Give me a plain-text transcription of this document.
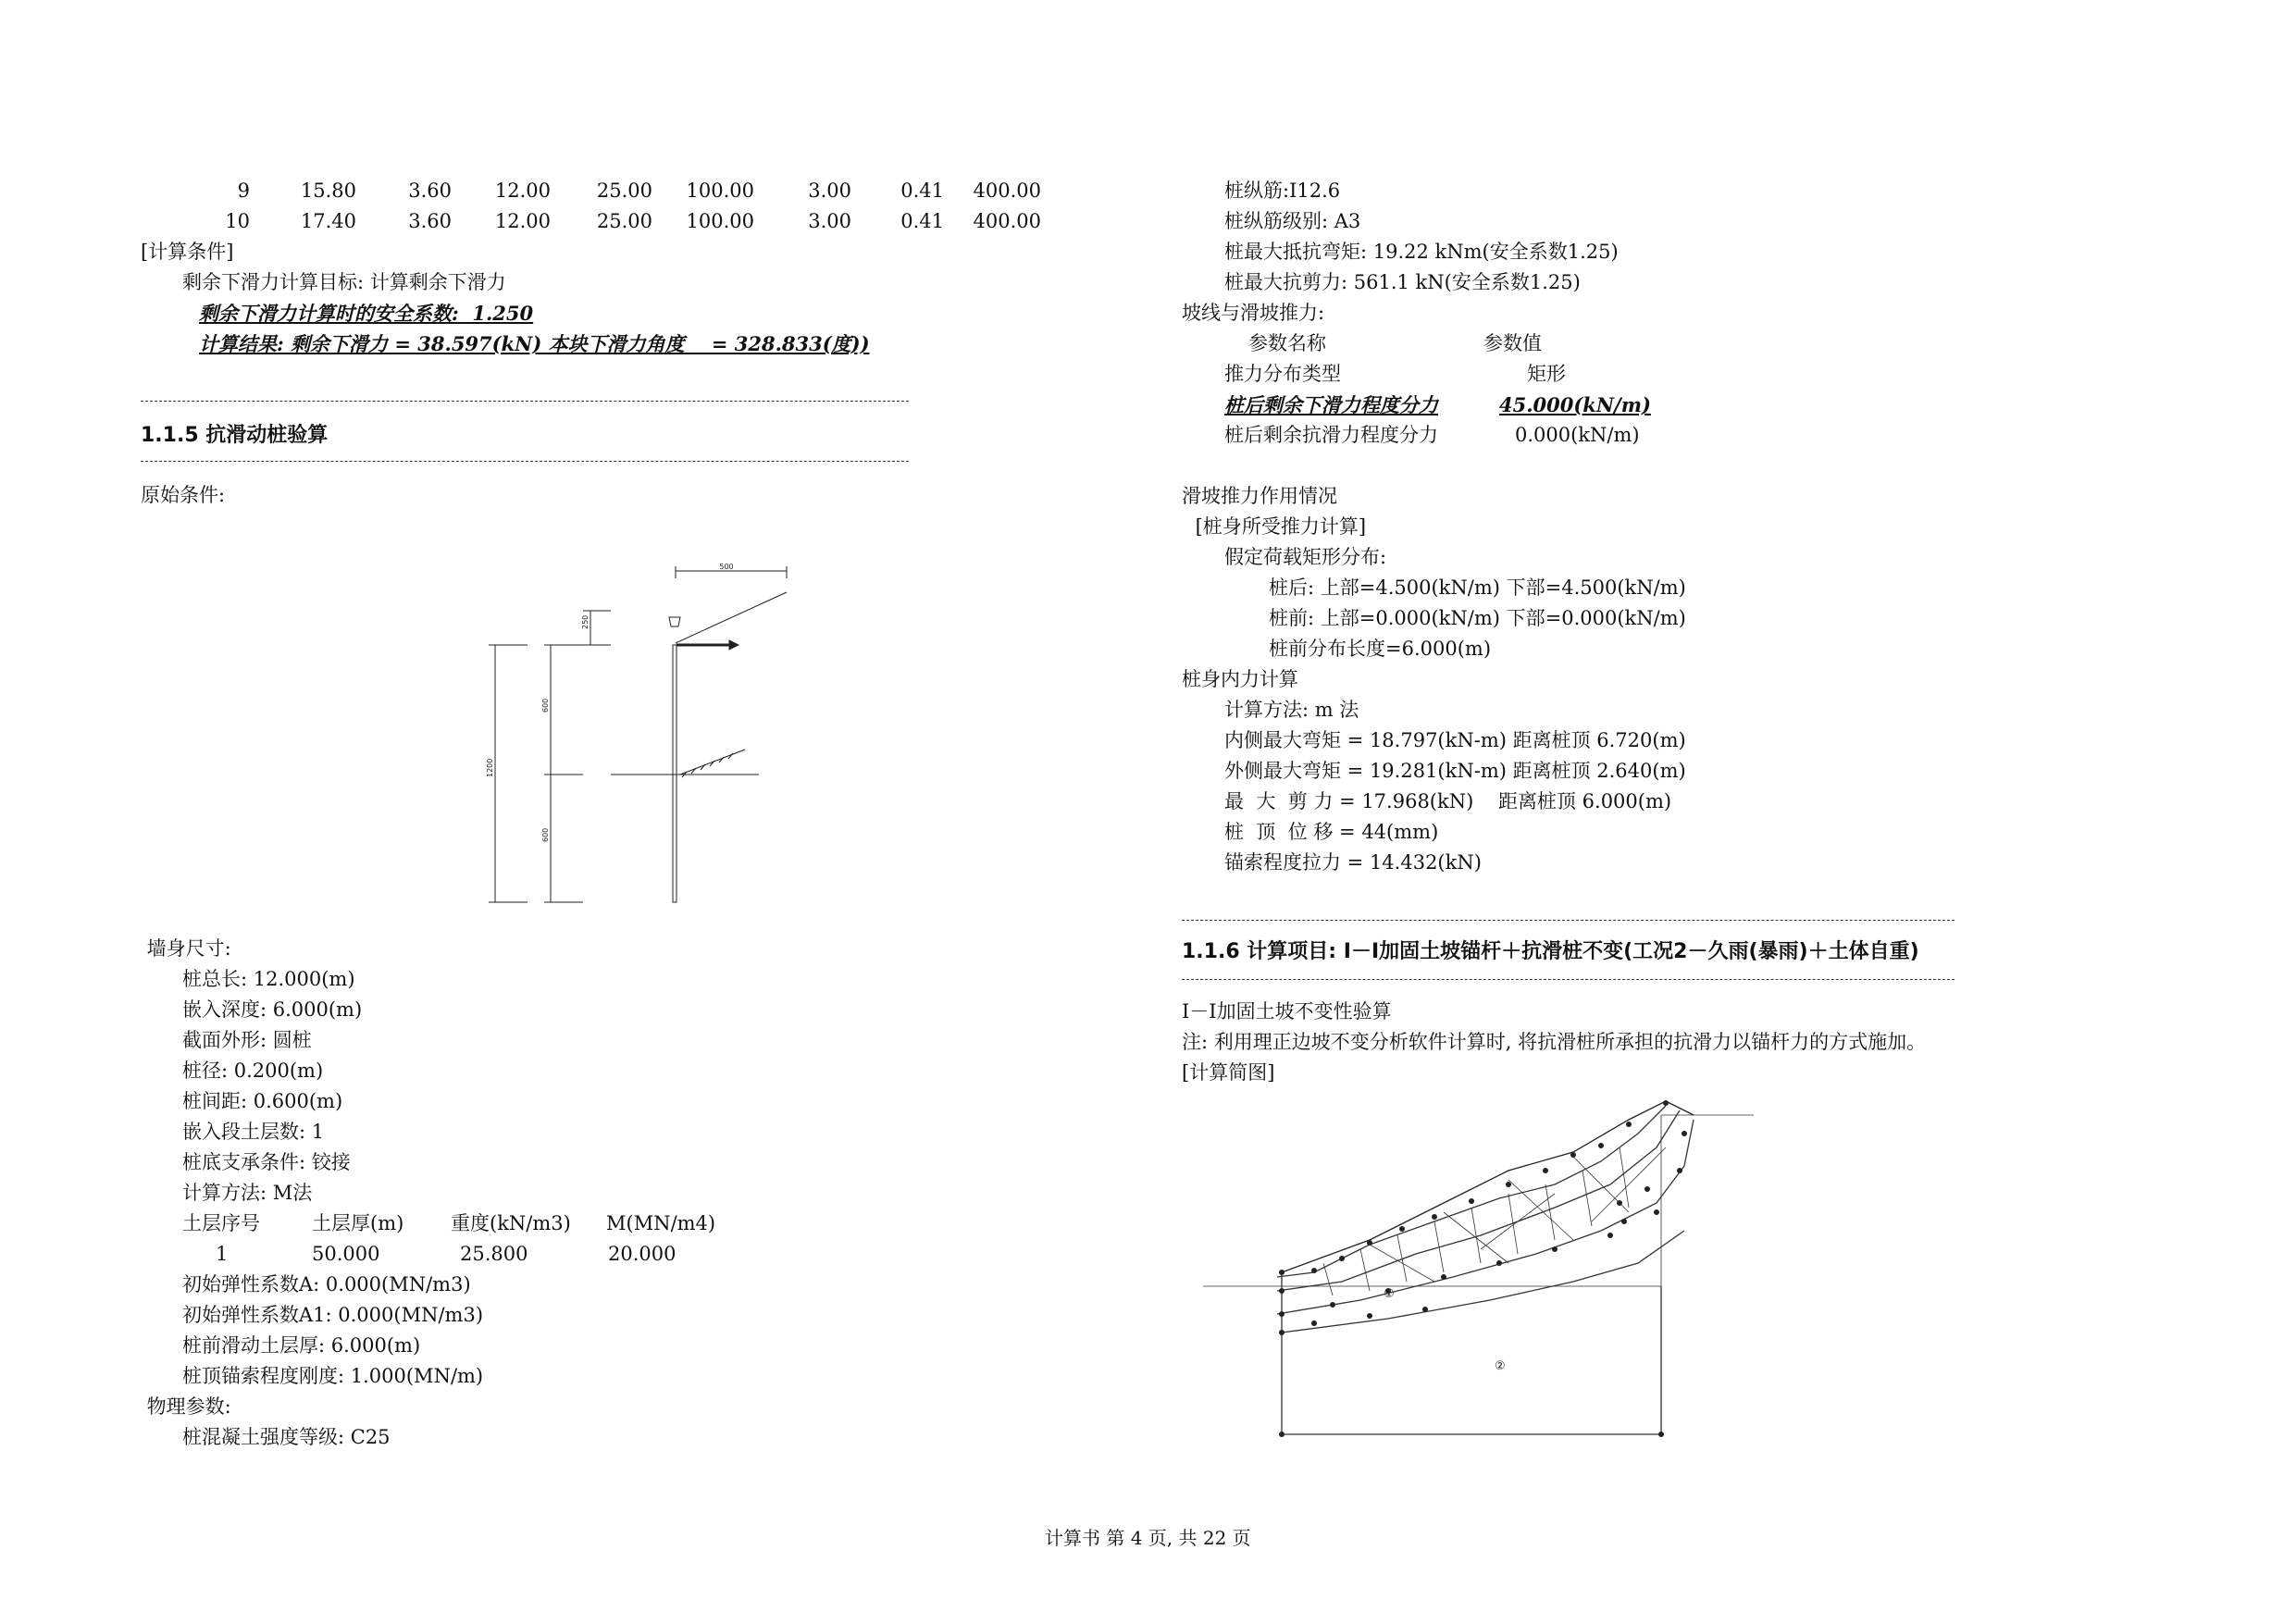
9	15.80	3.60	12.00	25.00	100.00	3.00	0.41	400.00
10	17.40	3.60	12.00	25.00	100.00	3.00	0.41	400.00
[计算条件]
剩余下滑力计算目标: 计算剩余下滑力
剩余下滑力计算时的安全系数:  1.250
计算结果: 剩余下滑力 = 38.597(kN) 本块下滑力角度    = 328.833(度))
1.1.5 抗滑动桩验算
原始条件:
500
250
600
1200
600
墙身尺寸:
桩总长: 12.000(m)
嵌入深度: 6.000(m)
截面外形: 圆桩
桩径: 0.200(m)
桩间距: 0.600(m)
嵌入段土层数: 1
桩底支承条件: 铰接
计算方法: M法
土层序号	土层厚(m) 重度(kN/m3) M(MN/m4)
1	50.000	25.800	20.000
初始弹性系数A: 0.000(MN/m3)
初始弹性系数A1: 0.000(MN/m3)
桩前滑动土层厚: 6.000(m)
桩顶锚索程度刚度: 1.000(MN/m)
物理参数:
桩混凝土强度等级: C25
桩纵筋:I12.6
桩纵筋级别: A3
桩最大抵抗弯矩: 19.22 kNm(安全系数1.25)
桩最大抗剪力: 561.1 kN(安全系数1.25)
坡线与滑坡推力:
参数名称	参数值
推力分布类型	矩形
桩后剩余下滑力程度分力	45.000(kN/m)
桩后剩余抗滑力程度分力	0.000(kN/m)
滑坡推力作用情况
[桩身所受推力计算]
假定荷载矩形分布:
桩后: 上部=4.500(kN/m) 下部=4.500(kN/m)
桩前: 上部=0.000(kN/m) 下部=0.000(kN/m)
桩前分布长度=6.000(m)
桩身内力计算
计算方法: m 法
内侧最大弯矩 = 18.797(kN-m) 距离桩顶 6.720(m)
外侧最大弯矩 = 19.281(kN-m) 距离桩顶 2.640(m)
最  大  剪 力 = 17.968(kN)    距离桩顶 6.000(m)
桩  顶  位 移 = 44(mm)
锚索程度拉力 = 14.432(kN)
1.1.6 计算项目: Ⅰ－Ⅰ加固土坡锚杆＋抗滑桩不变(工况2－久雨(暴雨)＋土体自重)
Ⅰ－Ⅰ加固土坡不变性验算
注: 利用理正边坡不变分析软件计算时, 将抗滑桩所承担的抗滑力以锚杆力的方式施加。
[计算简图]
①
②
计算书 第 4 页, 共 22 页
